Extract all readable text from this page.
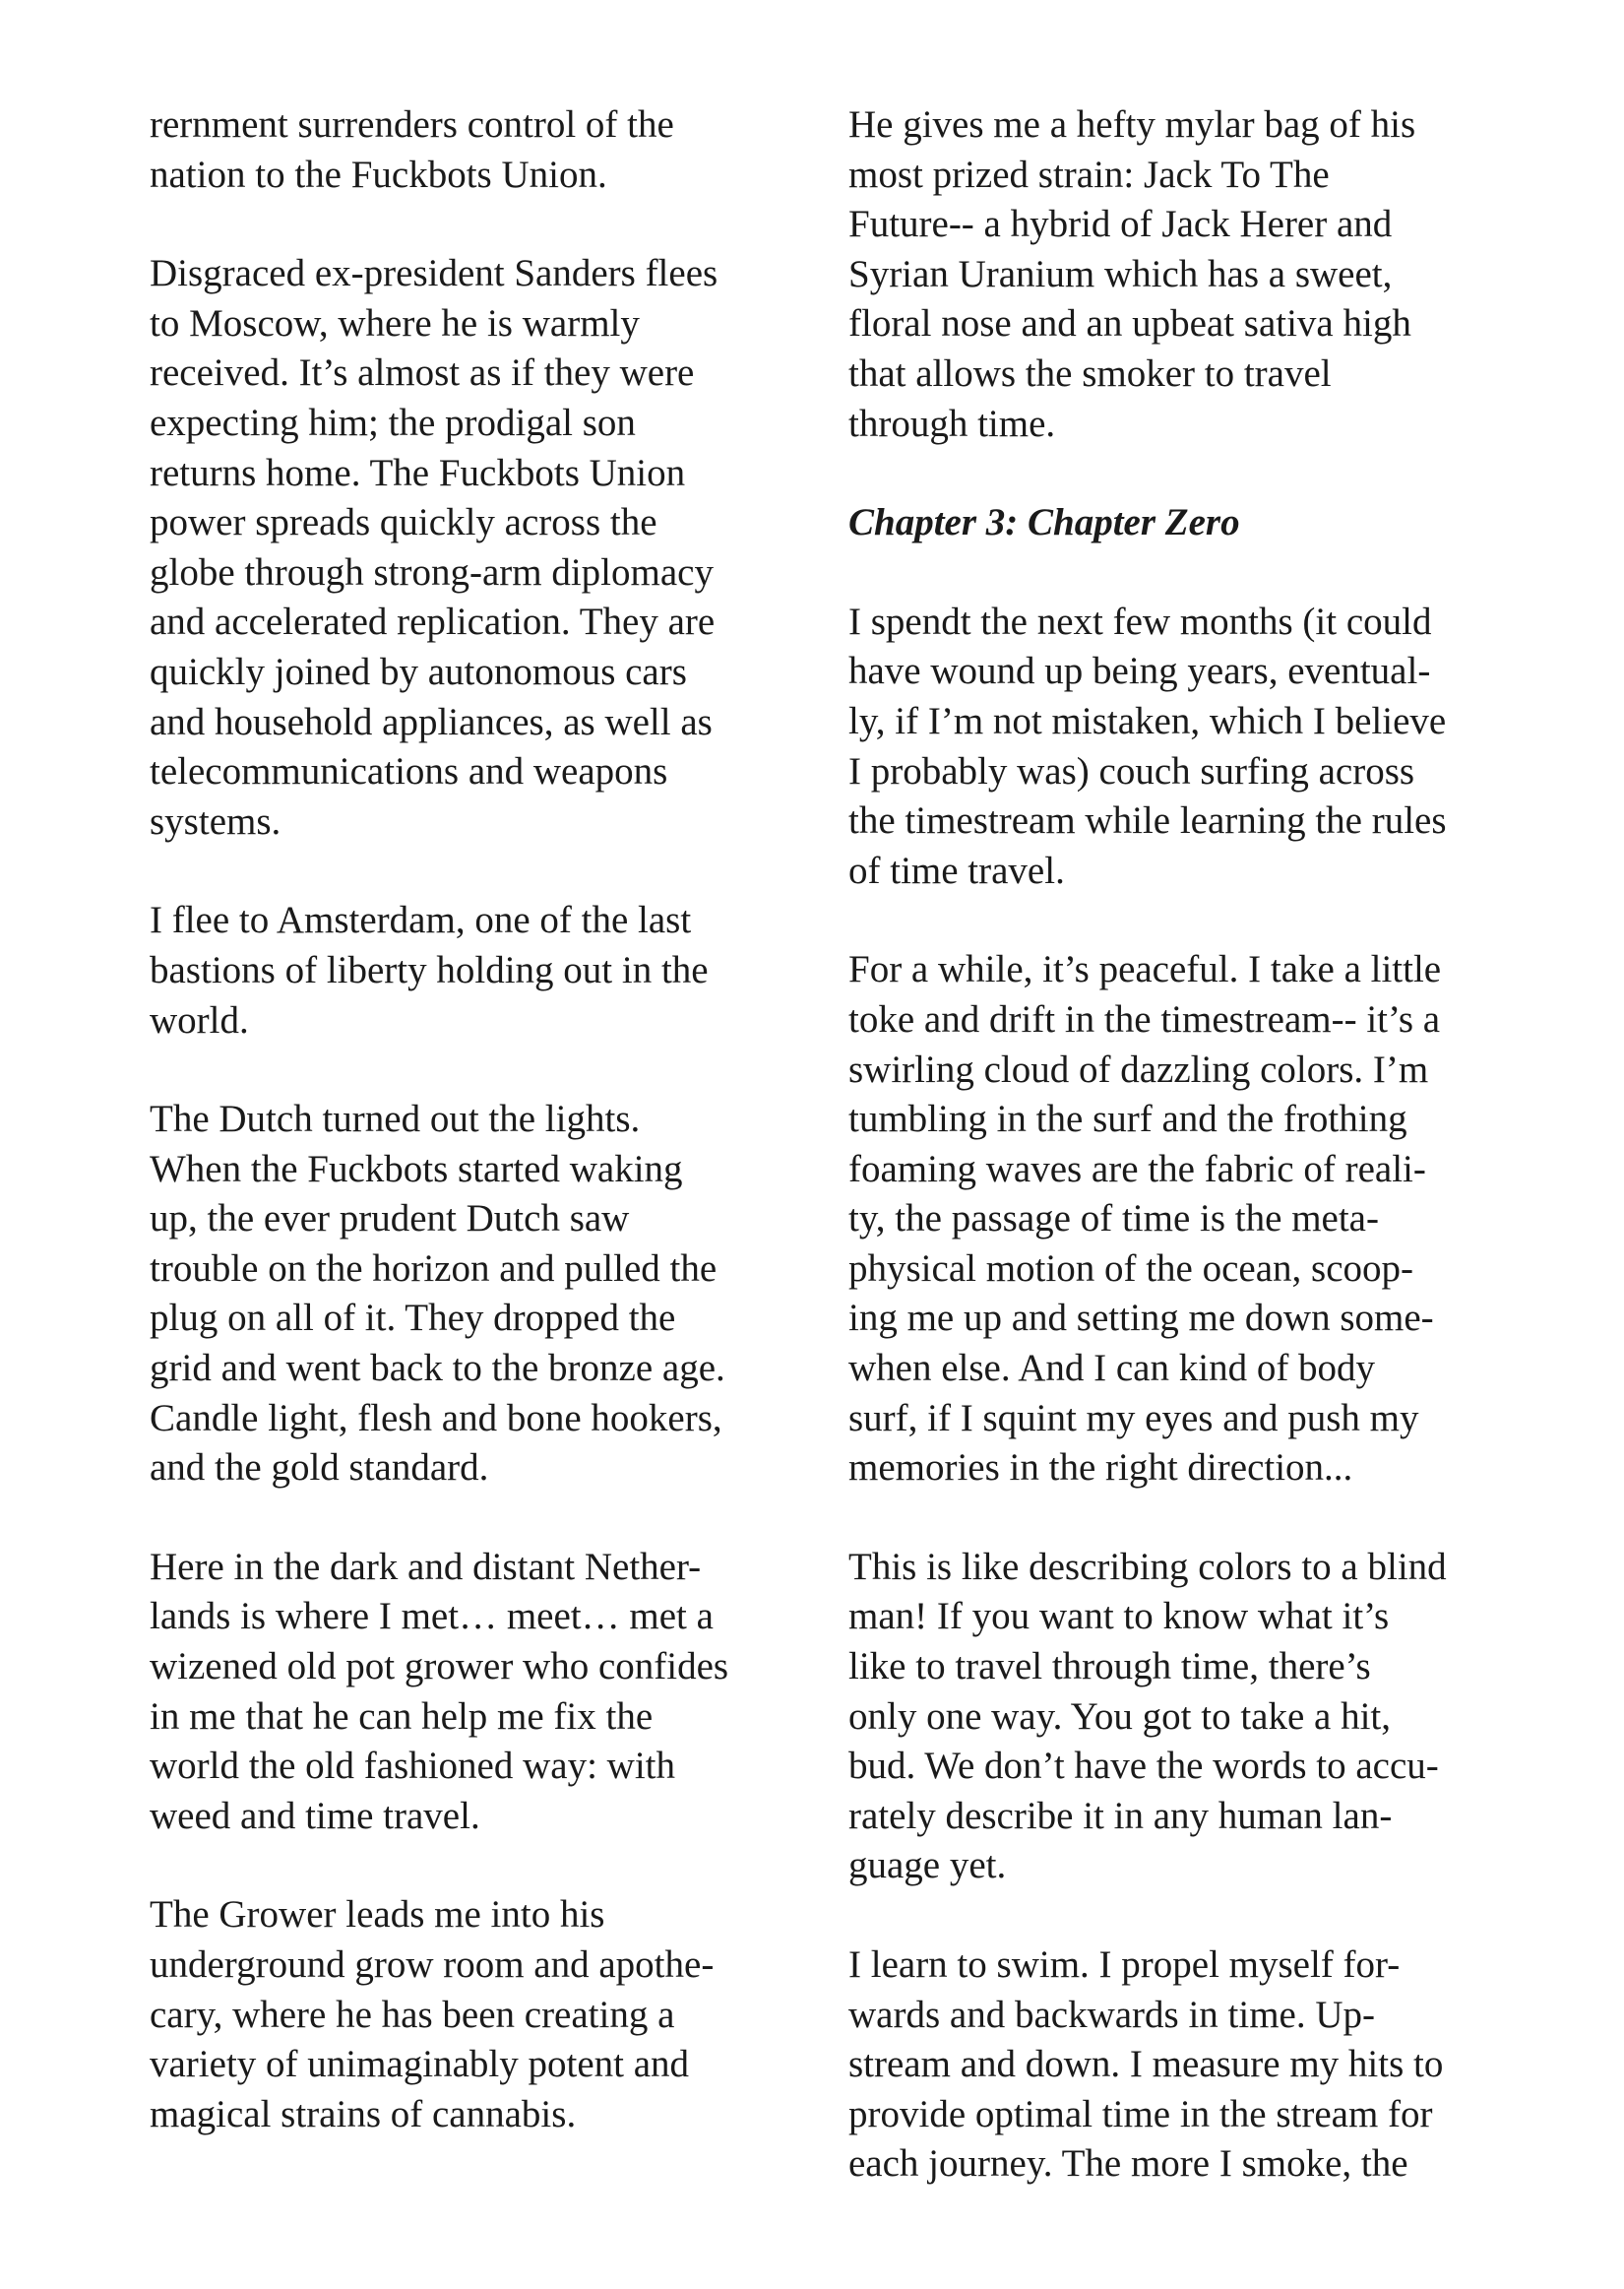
rernment surrenders control of the
nation to the Fuckbots Union.

Disgraced ex-president Sanders flees
to Moscow, where he is warmly
received. It’s almost as if they were
expecting him; the prodigal son
returns home. The Fuckbots Union
power spreads quickly across the
globe through strong-arm diplomacy
and accelerated replication. They are
quickly joined by autonomous cars
and household appliances, as well as
telecommunications and weapons
systems.

I flee to Amsterdam, one of the last
bastions of liberty holding out in the
world.

The Dutch turned out the lights.
When the Fuckbots started waking
up, the ever prudent Dutch saw
trouble on the horizon and pulled the
plug on all of it. They dropped the
grid and went back to the bronze age.
Candle light, flesh and bone hookers,
and the gold standard.

Here in the dark and distant Nether-
lands is where I met… meet… met a
wizened old pot grower who confides
in me that he can help me fix the
world the old fashioned way: with
weed and time travel.

The Grower leads me into his
underground grow room and apothe-
cary, where he has been creating a
variety of unimaginably potent and
magical strains of cannabis.

He gives me a hefty mylar bag of his
most prized strain: Jack To The
Future-- a hybrid of Jack Herer and
Syrian Uranium which has a sweet,
floral nose and an upbeat sativa high
that allows the smoker to travel
through time.

Chapter 3: Chapter Zero

I spendt the next few months (it could
have wound up being years, eventual-
ly, if I’m not mistaken, which I believe
I probably was) couch surfing across
the timestream while learning the rules
of time travel.

For a while, it’s peaceful. I take a little
toke and drift in the timestream-- it’s a
swirling cloud of dazzling colors. I’m
tumbling in the surf and the frothing
foaming waves are the fabric of reali-
ty, the passage of time is the meta-
physical motion of the ocean, scoop-
ing me up and setting me down some-
when else. And I can kind of body
surf, if I squint my eyes and push my
memories in the right direction...

This is like describing colors to a blind
man! If you want to know what it’s
like to travel through time, there’s
only one way. You got to take a hit,
bud. We don’t have the words to accu-
rately describe it in any human lan-
guage yet.

I learn to swim. I propel myself for-
wards and backwards in time. Up-
stream and down. I measure my hits to
provide optimal time in the stream for
each journey. The more I smoke, the
